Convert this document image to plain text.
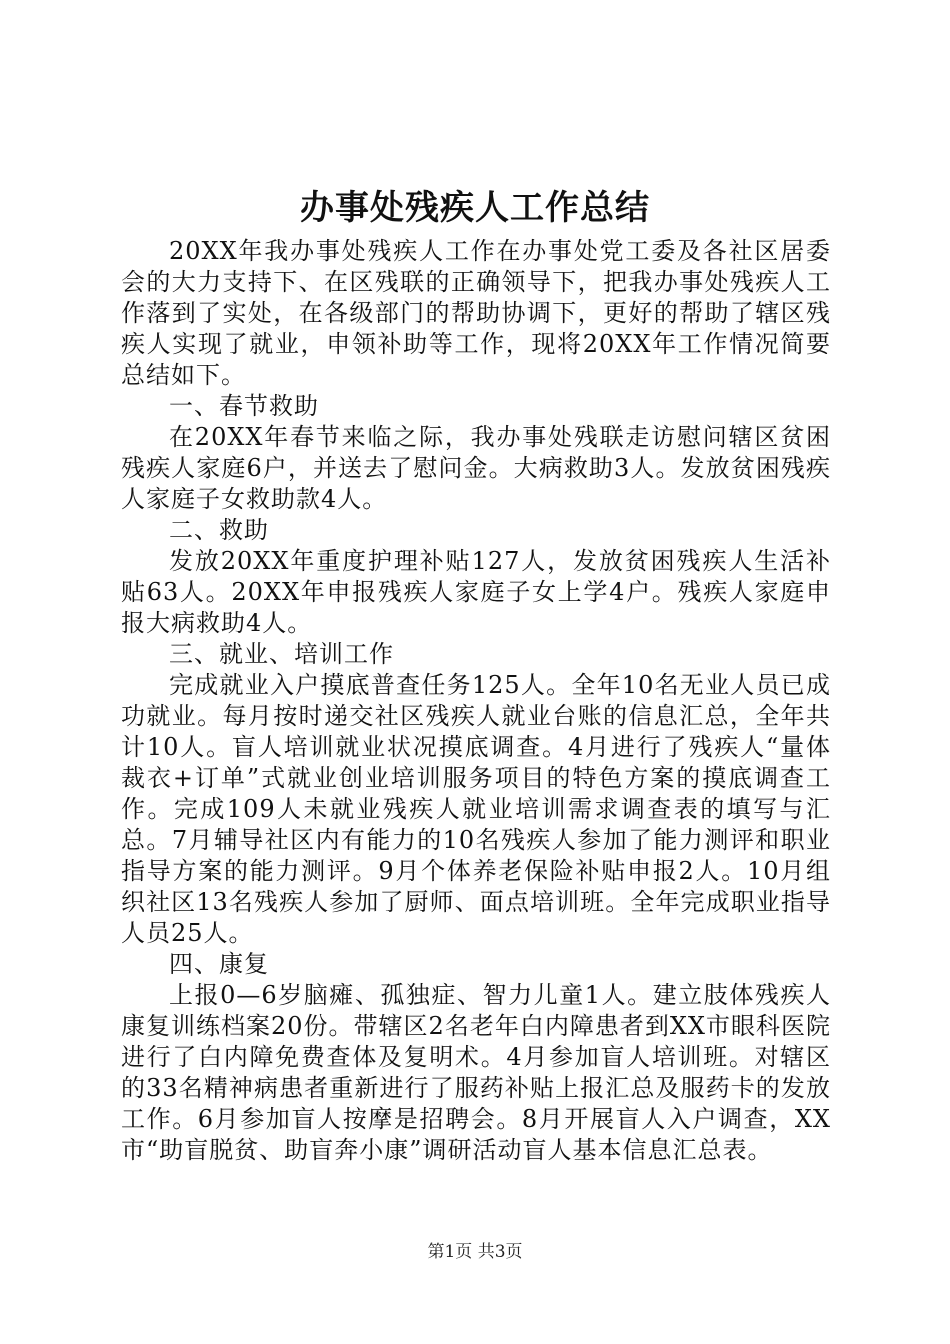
办事处残疾人工作总结

20XX年我办事处残疾人工作在办事处党工委及各社区居委会的大力支持下、在区残联的正确领导下，把我办事处残疾人工作落到了实处，在各级部门的帮助协调下，更好的帮助了辖区残疾人实现了就业，申领补助等工作，现将20XX年工作情况简要总结如下。

一、春节救助

在20XX年春节来临之际，我办事处残联走访慰问辖区贫困残疾人家庭6户，并送去了慰问金。大病救助3人。发放贫困残疾人家庭子女救助款4人。

二、救助

发放20XX年重度护理补贴127人，发放贫困残疾人生活补贴63人。20XX年申报残疾人家庭子女上学4户。残疾人家庭申报大病救助4人。

三、就业、培训工作

完成就业入户摸底普查任务125人。全年10名无业人员已成功就业。每月按时递交社区残疾人就业台账的信息汇总，全年共计10人。盲人培训就业状况摸底调查。4月进行了残疾人“量体裁衣+订单”式就业创业培训服务项目的特色方案的摸底调查工作。完成109人未就业残疾人就业培训需求调查表的填写与汇总。7月辅导社区内有能力的10名残疾人参加了能力测评和职业指导方案的能力测评。9月个体养老保险补贴申报2人。10月组织社区13名残疾人参加了厨师、面点培训班。全年完成职业指导人员25人。

四、康复

上报0—6岁脑瘫、孤独症、智力儿童1人。建立肢体残疾人康复训练档案20份。带辖区2名老年白内障患者到XX市眼科医院进行了白内障免费查体及复明术。4月参加盲人培训班。对辖区的33名精神病患者重新进行了服药补贴上报汇总及服药卡的发放工作。6月参加盲人按摩是招聘会。8月开展盲人入户调查，XX市“助盲脱贫、助盲奔小康”调研活动盲人基本信息汇总表。

第1页 共3页
